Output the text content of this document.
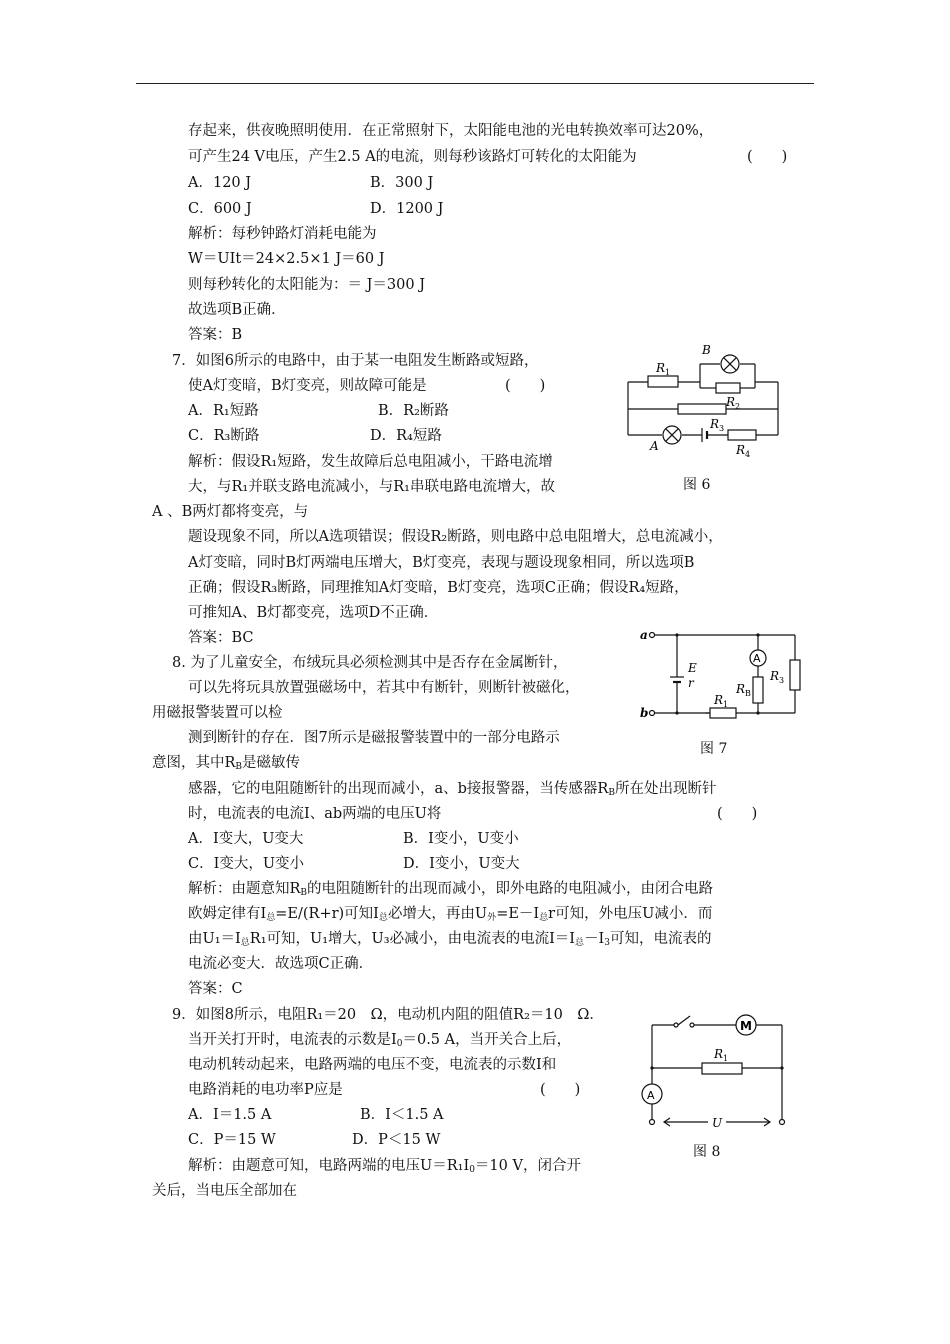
存起来，供夜晚照明使用．在正常照射下，太阳能电池的光电转换效率可达20%，
可产生24 V电压，产生2.5 A的电流，则每秒该路灯可转化的太阳能为	(　　)
A．120 J	B．300 J
C．600 J	D．1200 J
解析：每秒钟路灯消耗电能为
W＝UIt＝24×2.5×1 J＝60 J
则每秒转化的太阳能为：＝ J＝300 J
故选项B正确．
答案：B
7．如图6所示的电路中，由于某一电阻发生断路或短路，
使A灯变暗，B灯变亮，则故障可能是	(　　)
A．R₁短路	B．R₂断路
C．R₃断路	D．R₄短路
解析：假设R₁短路，发生故障后总电阻减小，干路电流增
大，与R₁并联支路电流减小，与R₁串联电路电流增大，故
A 、B两灯都将变亮，与
题设现象不同，所以A选项错误；假设R₂断路，则电路中总电阻增大，总电流减小，
A灯变暗，同时B灯两端电压增大，B灯变亮，表现与题设现象相同，所以选项B
正确；假设R₃断路，同理推知A灯变暗，B灯变亮，选项C正确；假设R₄短路，
可推知A、B灯都变亮，选项D不正确．
答案：BC
$R_1$
$R_2$
$R_3$
$R_4$
B
A
图 6
8. 为了儿童安全，布绒玩具必须检测其中是否存在金属断针，
可以先将玩具放置强磁场中，若其中有断针，则断针被磁化，
用磁报警装置可以检
测到断针的存在．图7所示是磁报警装置中的一部分电路示
意图，其中$R_B$是磁敏传
感器，它的电阻随断针的出现而减小，a、b接报警器，当传感器$R_B$所在处出现断针
时，电流表的电流I、ab两端的电压U将	(　　)
A．I变大，U变大	B．I变小，U变小
C．I变大，U变小	D．I变小，U变大
解析：由题意知$R_B$的电阻随断针的出现而减小，即外电路的电阻减小，由闭合电路
欧姆定律有$I_总=E/(R+r)$可知$I_总$必增大，再由$U_外=E-I_总r$可知，外电压U减小．而
由$U_1=I_总R_1$可知，U₁增大，U₃必减小，由电流表的电流$I=I_总-I_3$可知，电流表的
电流必变大．故选项C正确．
答案：C
a
b
E
r
$R_1$
$R_B$
$R_3$
A
图 7
9．如图8所示，电阻R₁＝20　Ω，电动机内阻的阻值R₂＝10　Ω．
当开关打开时，电流表的示数是$I_0=0.5$ A，当开关合上后，
电动机转动起来，电路两端的电压不变，电流表的示数I和
电路消耗的电功率P应是	(　　)
A．I＝1.5 A	B．I＜1.5 A
C．P＝15 W	D．P＜15 W
解析：由题意可知，电路两端的电压$U=R_1I_0=10$ V，闭合开
关后，当电压全部加在
M
$R_1$
A
U
图 8
